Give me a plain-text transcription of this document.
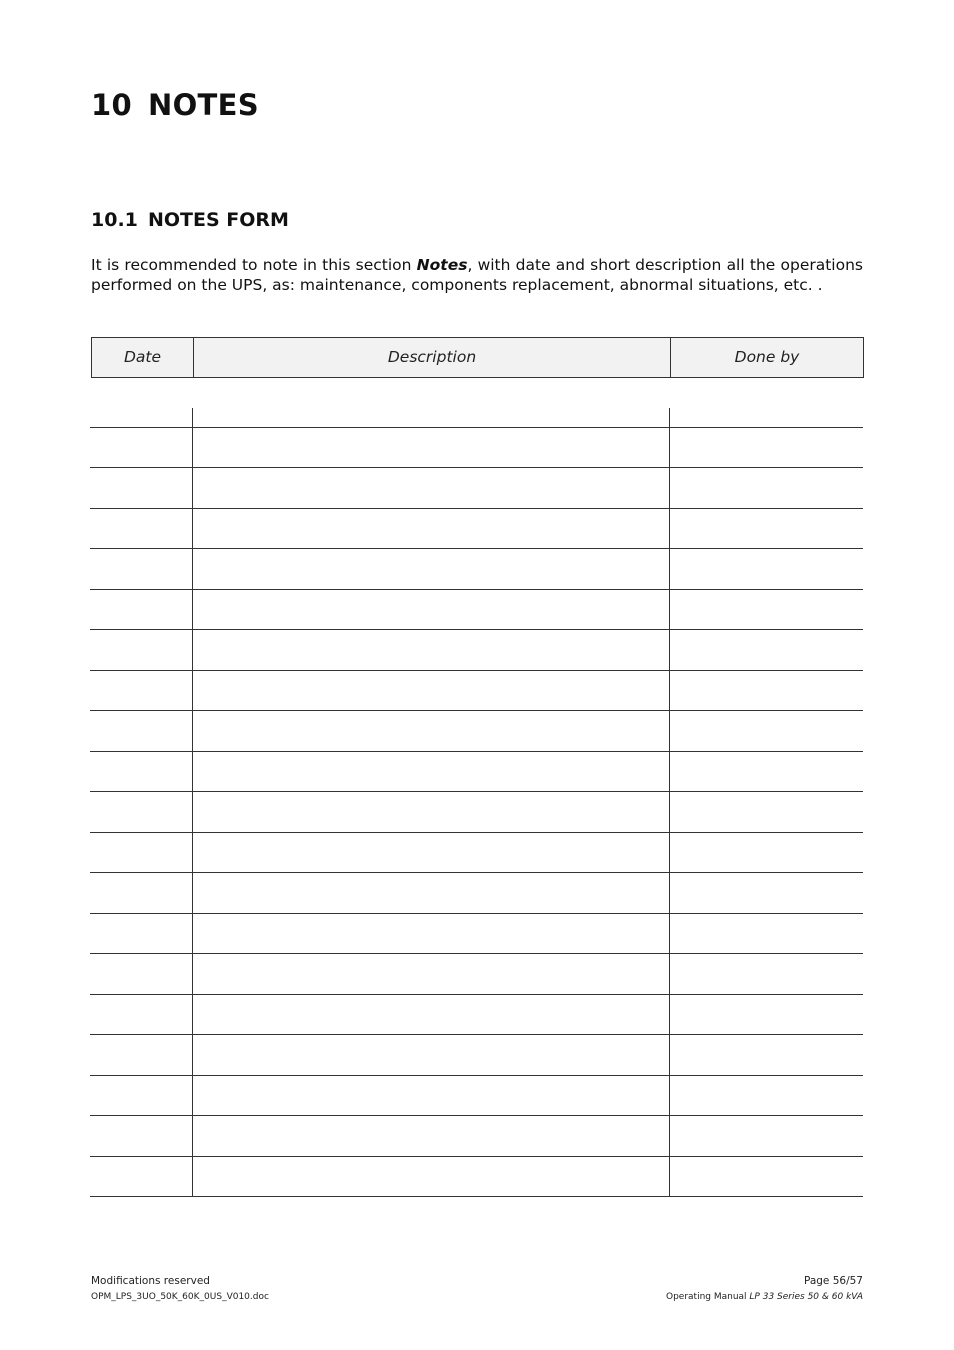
10 NOTES
10.1 NOTES FORM
It is recommended to note in this section Notes, with date and short description all the operations
performed on the UPS, as: maintenance, components replacement, abnormal situations, etc. .
Date	Description	Done by
Modifications reserved
OPM_LPS_3UO_50K_60K_0US_V010.doc
Page 56/57
Operating Manual LP 33 Series 50 & 60 kVA
